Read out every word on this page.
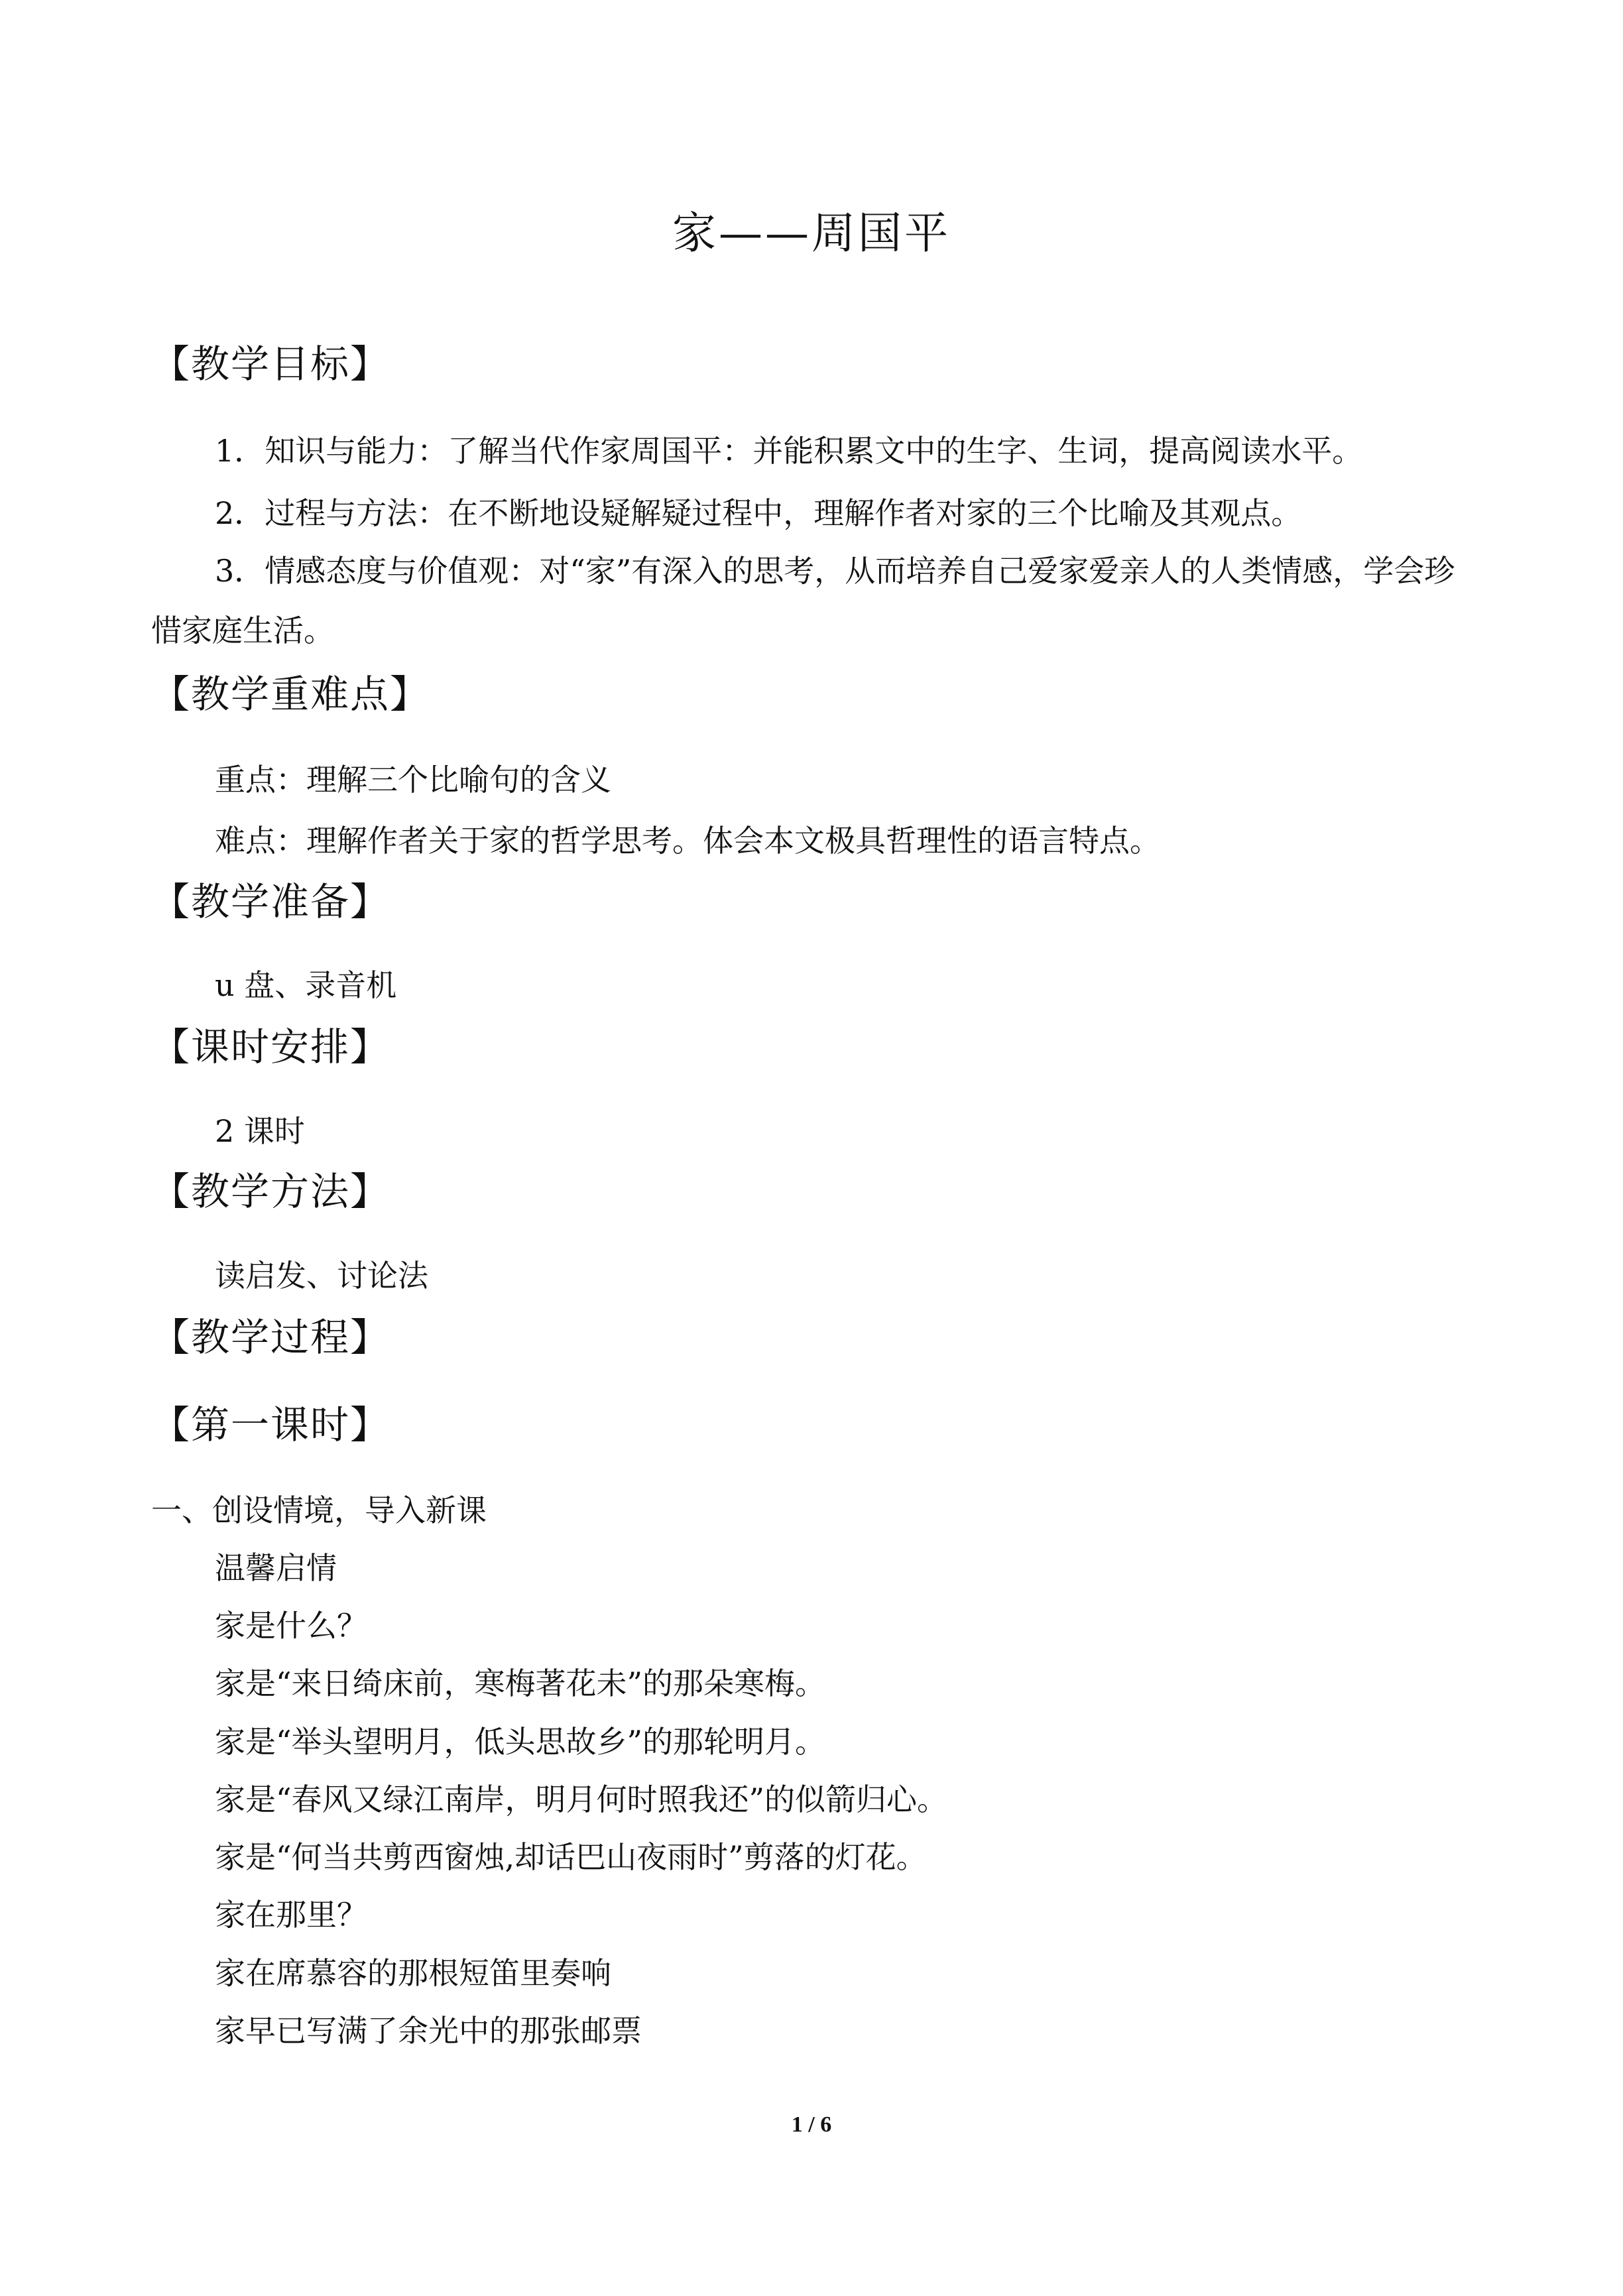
家——周国平
【教学目标】
1．知识与能力：了解当代作家周国平：并能积累文中的生字、生词，提高阅读水平。
2．过程与方法：在不断地设疑解疑过程中，理解作者对家的三个比喻及其观点。
3．情感态度与价值观：对“家”有深入的思考，从而培养自己爱家爱亲人的人类情感，学会珍惜家庭生活。
【教学重难点】
重点：理解三个比喻句的含义
难点：理解作者关于家的哲学思考。体会本文极具哲理性的语言特点。
【教学准备】
u 盘、录音机
【课时安排】
2 课时
【教学方法】
读启发、讨论法
【教学过程】
【第一课时】
一、创设情境，导入新课
温馨启情
家是什么？
家是“来日绮床前，寒梅著花未”的那朵寒梅。
家是“举头望明月，低头思故乡”的那轮明月。
家是“春风又绿江南岸，明月何时照我还”的似箭归心。
家是“何当共剪西窗烛,却话巴山夜雨时”剪落的灯花。
家在那里？
家在席慕容的那根短笛里奏响
家早已写满了余光中的那张邮票
1 / 6
